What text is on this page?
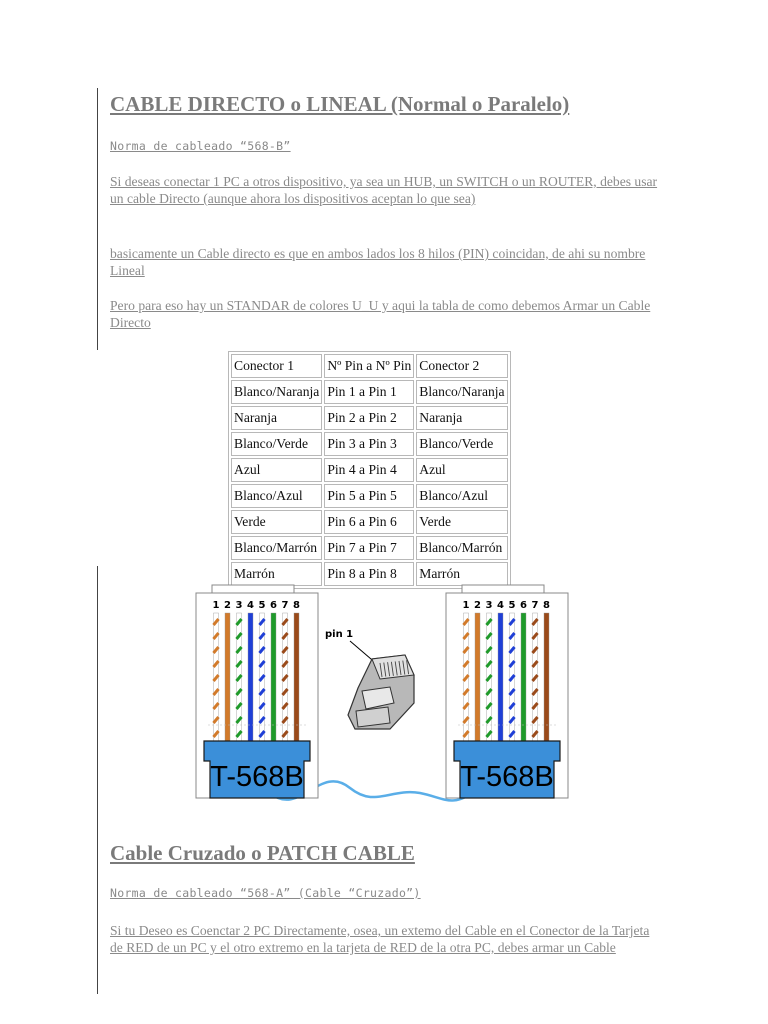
CABLE DIRECTO o LINEAL (Normal o Paralelo)
Norma de cableado “568-B”
Si deseas conectar 1 PC a otros dispositivo, ya sea un HUB, un SWITCH o un ROUTER, debes usar un cable Directo (aunque ahora los dispositivos aceptan lo que sea)
basicamente un Cable directo es que en ambos lados los 8 hilos (PIN) coincidan, de ahi su nombre Lineal
Pero para eso hay un STANDAR de colores U_U y aqui la tabla de como debemos Armar un Cable Directo
Conector 1	Nº Pin a Nº Pin	Conector 2
Blanco/Naranja	Pin 1 a Pin 1	Blanco/Naranja
Naranja	Pin 2 a Pin 2	Naranja
Blanco/Verde	Pin 3 a Pin 3	Blanco/Verde
Azul	Pin 4 a Pin 4	Azul
Blanco/Azul	Pin 5 a Pin 5	Blanco/Azul
Verde	Pin 6 a Pin 6	Verde
Blanco/Marrón	Pin 7 a Pin 7	Blanco/Marrón
Marrón	Pin 8 a Pin 8	Marrón
1 2 3 4 5 6 7 8
T-568B
1 2 3 4 5 6 7 8
T-568B
pin 1
Cable Cruzado o PATCH CABLE
Norma de cableado “568-A” (Cable “Cruzado”)
Si tu Deseo es Coenctar 2 PC Directamente, osea, un extemo del Cable en el Conector de la Tarjeta de RED de un PC y el otro extremo en la tarjeta de RED de la otra PC, debes armar un Cable
